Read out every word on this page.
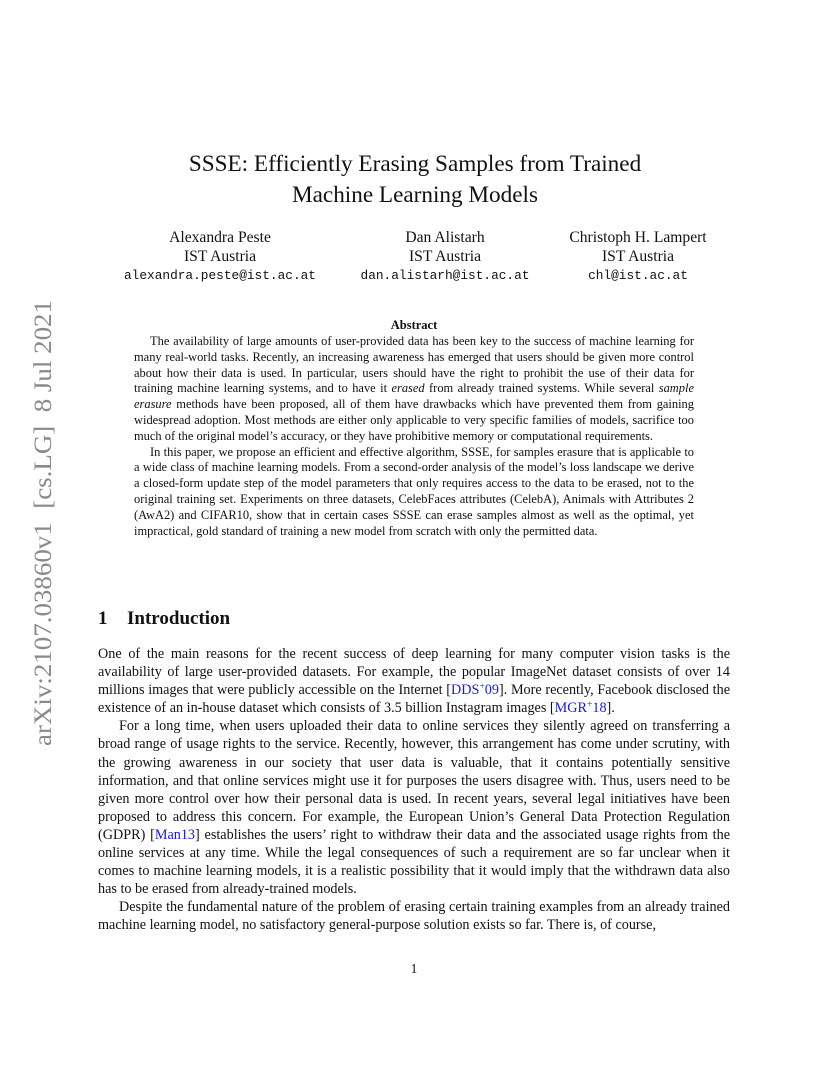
arXiv:2107.03860v1  [cs.LG]  8 Jul 2021
SSSE: Efficiently Erasing Samples from Trained
Machine Learning Models
Alexandra Peste
IST Austria
alexandra.peste@ist.ac.at
Dan Alistarh
IST Austria
dan.alistarh@ist.ac.at
Christoph H. Lampert
IST Austria
chl@ist.ac.at
Abstract

The availability of large amounts of user-provided data has been key to the success of machine learning for many real-world tasks. Recently, an increasing awareness has emerged that users should be given more control about how their data is used. In particular, users should have the right to prohibit the use of their data for training machine learning systems, and to have it erased from already trained systems. While several sample erasure methods have been proposed, all of them have drawbacks which have prevented them from gaining widespread adoption. Most methods are either only applicable to very specific families of models, sacrifice too much of the original model’s accuracy, or they have prohibitive memory or computational requirements.

In this paper, we propose an efficient and effective algorithm, SSSE, for samples erasure that is applicable to a wide class of machine learning models. From a second-order analysis of the model’s loss landscape we derive a closed-form update step of the model parameters that only requires access to the data to be erased, not to the original training set. Experiments on three datasets, CelebFaces attributes (CelebA), Animals with Attributes 2 (AwA2) and CIFAR10, show that in certain cases SSSE can erase samples almost as well as the optimal, yet impractical, gold standard of training a new model from scratch with only the permitted data.

1 Introduction

One of the main reasons for the recent success of deep learning for many computer vision tasks is the availability of large user-provided datasets. For example, the popular ImageNet dataset consists of over 14 millions images that were publicly accessible on the Internet [DDS+09]. More recently, Facebook disclosed the existence of an in-house dataset which consists of 3.5 billion Instagram images [MGR+18].

For a long time, when users uploaded their data to online services they silently agreed on transferring a broad range of usage rights to the service. Recently, however, this arrangement has come under scrutiny, with the growing awareness in our society that user data is valuable, that it contains potentially sensitive information, and that online services might use it for purposes the users disagree with. Thus, users need to be given more control over how their personal data is used. In recent years, several legal initiatives have been proposed to address this concern. For example, the European Union’s General Data Protection Regulation (GDPR) [Man13] establishes the users’ right to withdraw their data and the associated usage rights from the online services at any time. While the legal consequences of such a requirement are so far unclear when it comes to machine learning models, it is a realistic possibility that it would imply that the withdrawn data also has to be erased from already-trained models.

Despite the fundamental nature of the problem of erasing certain training examples from an already trained machine learning model, no satisfactory general-purpose solution exists so far. There is, of course,

1
